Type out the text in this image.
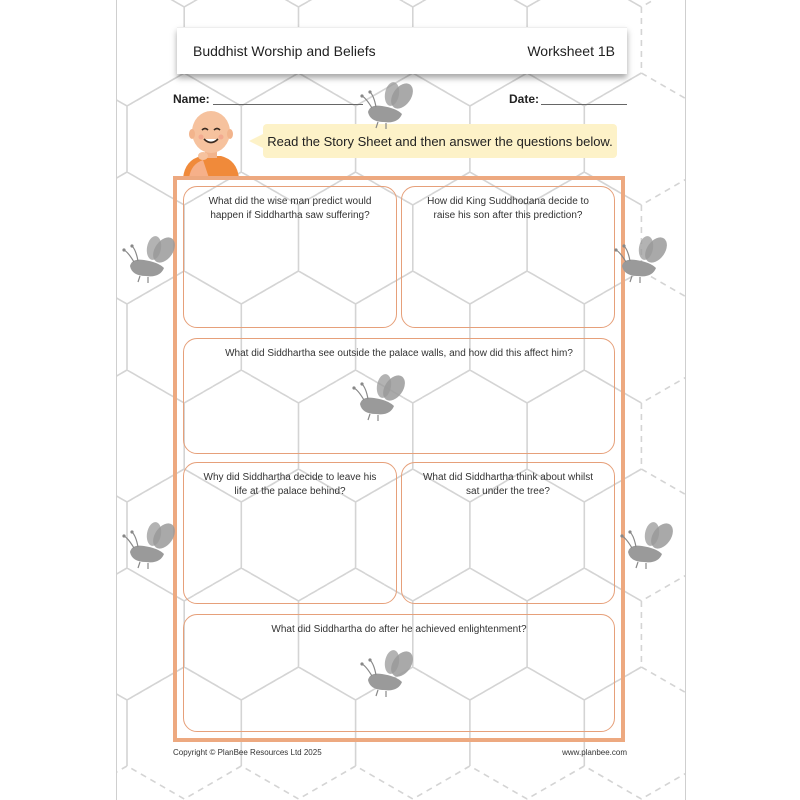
Buddhist Worship and Beliefs	Worksheet 1B
Name:	Date:
Read the Story Sheet and then answer the questions below.
What did the wise man predict would happen if Siddhartha saw suffering?
How did King Suddhodana decide to raise his son after this prediction?
What did Siddhartha see outside the palace walls, and how did this affect him?
Why did Siddhartha decide to leave his life at the palace behind?
What did Siddhartha think about whilst sat under the tree?
What did Siddhartha do after he achieved enlightenment?
Copyright © PlanBee Resources Ltd 2025	www.planbee.com
